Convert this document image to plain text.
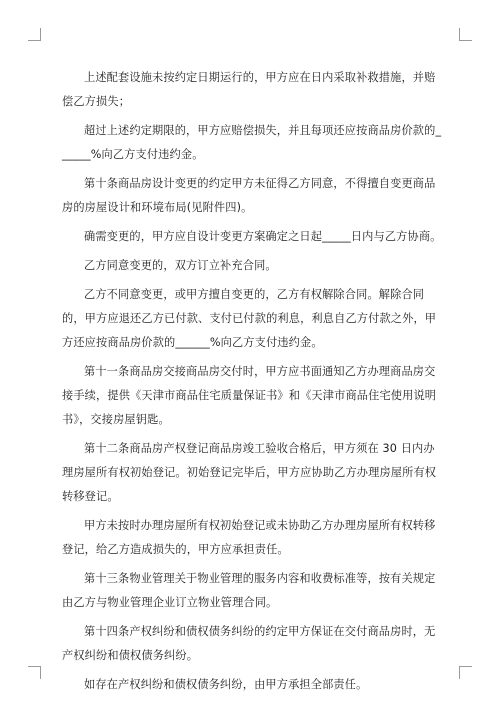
上述配套设施未按约定日期运行的，甲方应在日内采取补救措施，并赔偿乙方损失；

超过上述约定期限的，甲方应赔偿损失，并且每项还应按商品房价款的______%向乙方支付违约金。

第十条商品房设计变更的约定甲方未征得乙方同意，不得擅自变更商品房的房屋设计和环境布局(见附件四)。

确需变更的，甲方应自设计变更方案确定之日起_____日内与乙方协商。

乙方同意变更的，双方订立补充合同。

乙方不同意变更，或甲方擅自变更的，乙方有权解除合同。解除合同的，甲方应退还乙方已付款、支付已付款的利息，利息自乙方付款之外，甲方还应按商品房价款的______%向乙方支付违约金。

第十一条商品房交接商品房交付时，甲方应书面通知乙方办理商品房交接手续，提供《天津市商品住宅质量保证书》和《天津市商品住宅使用说明书》，交接房屋钥匙。

第十二条商品房产权登记商品房竣工验收合格后，甲方须在 30 日内办理房屋所有权初始登记。初始登记完毕后，甲方应协助乙方办理房屋所有权转移登记。

甲方未按时办理房屋所有权初始登记或未协助乙方办理房屋所有权转移登记，给乙方造成损失的，甲方应承担责任。

第十三条物业管理关于物业管理的服务内容和收费标准等，按有关规定由乙方与物业管理企业订立物业管理合同。

第十四条产权纠纷和债权债务纠纷的约定甲方保证在交付商品房时，无产权纠纷和债权债务纠纷。

如存在产权纠纷和债权债务纠纷，由甲方承担全部责任。
